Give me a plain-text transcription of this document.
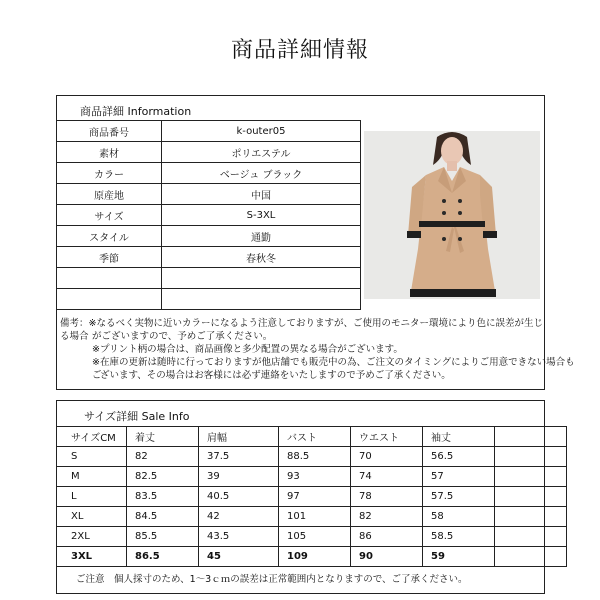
商品詳細情報
商品詳細 Information
商品番号	k-outer05
素材	ポリエステル
カラー	ベージュ ブラック
原産地	中国
サイズ	S-3XL
スタイル	通勤
季節	春秋冬

備考：※なるべく実物に近いカラーになるよう注意しておりますが、ご使用のモニター環境により色に誤差が生じる場合 がございますので、予めご了承ください。
※プリント柄の場合は、商品画像と多少配置の異なる場合がございます。
※在庫の更新は随時に行っておりますが他店舗でも販売中の為、ご注文のタイミングによりご用意できない場合もご
ざいます、その場合はお客様には必ず連絡をいたしますので予めご了承ください。
サイズ詳細 Sale Info
サイズCM	着丈	肩幅	バスト	ウエスト	袖丈	
S	82	37.5	88.5	70	56.5	
M	82.5	39	93	74	57	
L	83.5	40.5	97	78	57.5	
XL	84.5	42	101	82	58	
2XL	85.5	43.5	105	86	58.5	
3XL	86.5	45	109	90	59	
ご注意　個人採寸のため、1～3ｃｍの誤差は正常範囲内となりますので、ご了承ください。
